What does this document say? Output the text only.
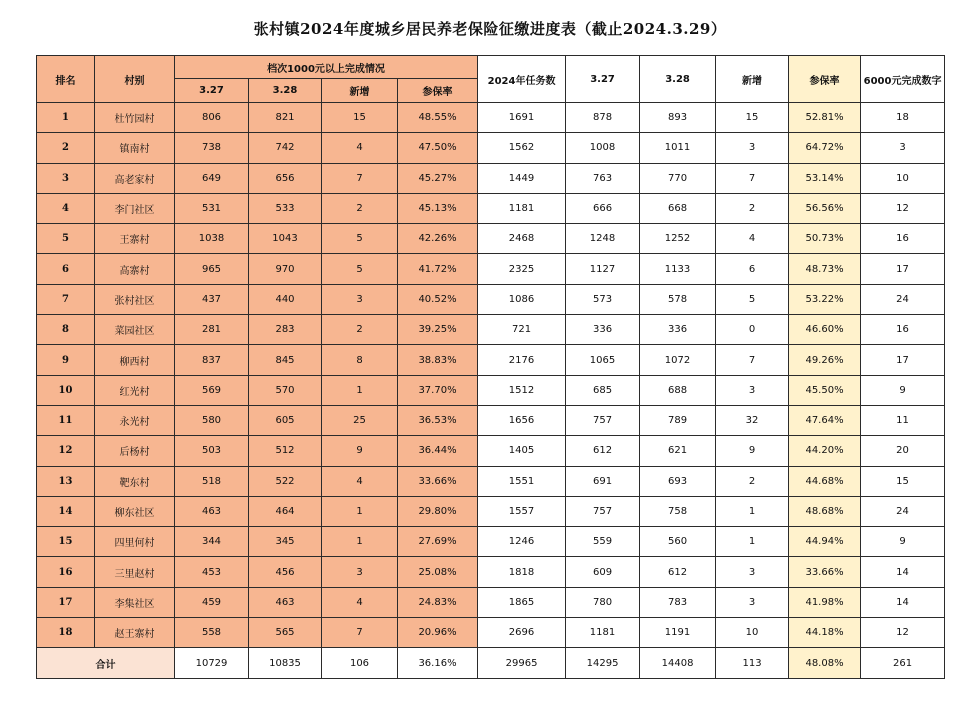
张村镇2024年度城乡居民养老保险征缴进度表（截止2024.3.29）
排名	村别	档次1000元以上完成情况				2024年任务数	3.27	3.28	新增	参保率	6000元完成数字
		3.27	3.28	新增	参保率						
1	杜竹园村	806	821	15	48.55%	1691	878	893	15	52.81%	18
2	镇南村	738	742	4	47.50%	1562	1008	1011	3	64.72%	3
3	高老家村	649	656	7	45.27%	1449	763	770	7	53.14%	10
4	李门社区	531	533	2	45.13%	1181	666	668	2	56.56%	12
5	王寨村	1038	1043	5	42.26%	2468	1248	1252	4	50.73%	16
6	高寨村	965	970	5	41.72%	2325	1127	1133	6	48.73%	17
7	张村社区	437	440	3	40.52%	1086	573	578	5	53.22%	24
8	菜园社区	281	283	2	39.25%	721	336	336	0	46.60%	16
9	柳西村	837	845	8	38.83%	2176	1065	1072	7	49.26%	17
10	红光村	569	570	1	37.70%	1512	685	688	3	45.50%	9
11	永光村	580	605	25	36.53%	1656	757	789	32	47.64%	11
12	后杨村	503	512	9	36.44%	1405	612	621	9	44.20%	20
13	靶东村	518	522	4	33.66%	1551	691	693	2	44.68%	15
14	柳东社区	463	464	1	29.80%	1557	757	758	1	48.68%	24
15	四里何村	344	345	1	27.69%	1246	559	560	1	44.94%	9
16	三里赵村	453	456	3	25.08%	1818	609	612	3	33.66%	14
17	李集社区	459	463	4	24.83%	1865	780	783	3	41.98%	14
18	赵王寨村	558	565	7	20.96%	2696	1181	1191	10	44.18%	12
合计		10729	10835	106	36.16%	29965	14295	14408	113	48.08%	261
